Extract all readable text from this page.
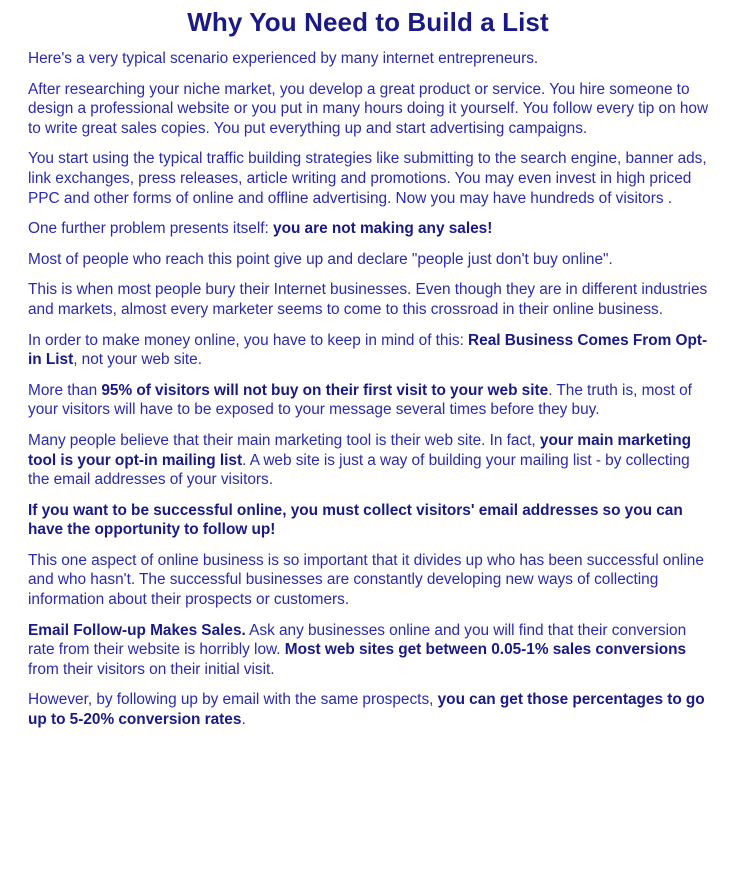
Why You Need to Build a List

Here's a very typical scenario experienced by many internet entrepreneurs.

After researching your niche market, you develop a great product or service. You hire someone to design a professional website or you put in many hours doing it yourself. You follow every tip on how to write great sales copies. You put everything up and start advertising campaigns.

You start using the typical traffic building strategies like submitting to the search engine, banner ads, link exchanges, press releases, article writing and promotions. You may even invest in high priced PPC and other forms of online and offline advertising. Now you may have hundreds of visitors .

One further problem presents itself: you are not making any sales!

Most of people who reach this point give up and declare "people just don't buy online".

This is when most people bury their Internet businesses. Even though they are in different industries and markets, almost every marketer seems to come to this crossroad in their online business.

In order to make money online, you have to keep in mind of this: Real Business Comes From Opt-in List, not your web site.

More than 95% of visitors will not buy on their first visit to your web site. The truth is, most of your visitors will have to be exposed to your message several times before they buy.

Many people believe that their main marketing tool is their web site. In fact, your main marketing tool is your opt-in mailing list. A web site is just a way of building your mailing list - by collecting the email addresses of your visitors.

If you want to be successful online, you must collect visitors' email addresses so you can have the opportunity to follow up!

This one aspect of online business is so important that it divides up who has been successful online and who hasn't. The successful businesses are constantly developing new ways of collecting information about their prospects or customers.

Email Follow-up Makes Sales. Ask any businesses online and you will find that their conversion rate from their website is horribly low. Most web sites get between 0.05-1% sales conversions from their visitors on their initial visit.

However, by following up by email with the same prospects, you can get those percentages to go up to 5-20% conversion rates.
